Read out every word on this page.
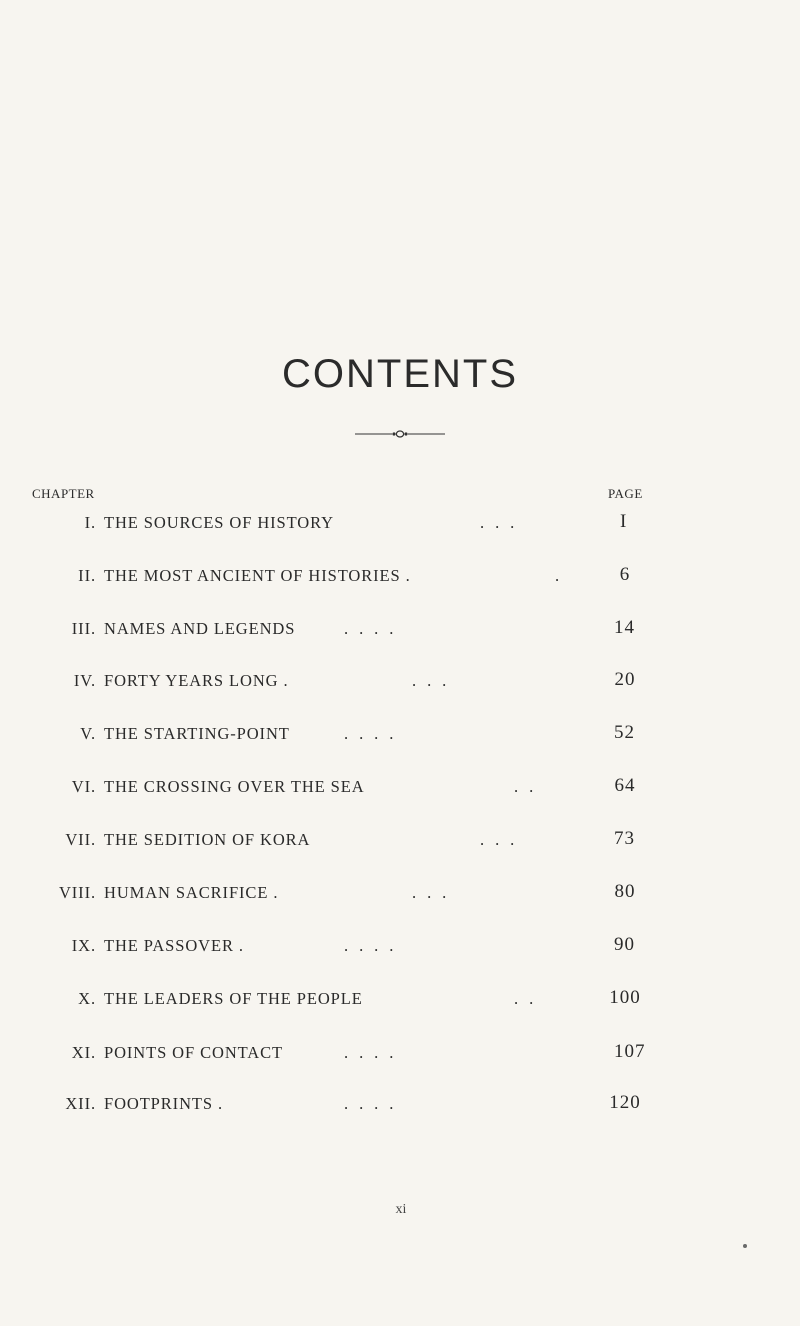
CONTENTS
CHAPTER	PAGE
I. THE SOURCES OF HISTORY	.  .  .	I
II. THE MOST ANCIENT OF HISTORIES .	.	6
III. NAMES AND LEGENDS	.  .  .  .	14
IV. FORTY YEARS LONG .	.  .  .	20
V. THE STARTING-POINT	.  .  .  .	52
VI. THE CROSSING OVER THE SEA	.  .	64
VII. THE SEDITION OF KORA	.  .  .	73
VIII. HUMAN SACRIFICE .	.  .  .	80
IX. THE PASSOVER .	.  .  .  .	90
X. THE LEADERS OF THE PEOPLE	.  .	100
XI. POINTS OF CONTACT	.  .  .  .	107
XII. FOOTPRINTS .	.  .  .  .	120
xi
